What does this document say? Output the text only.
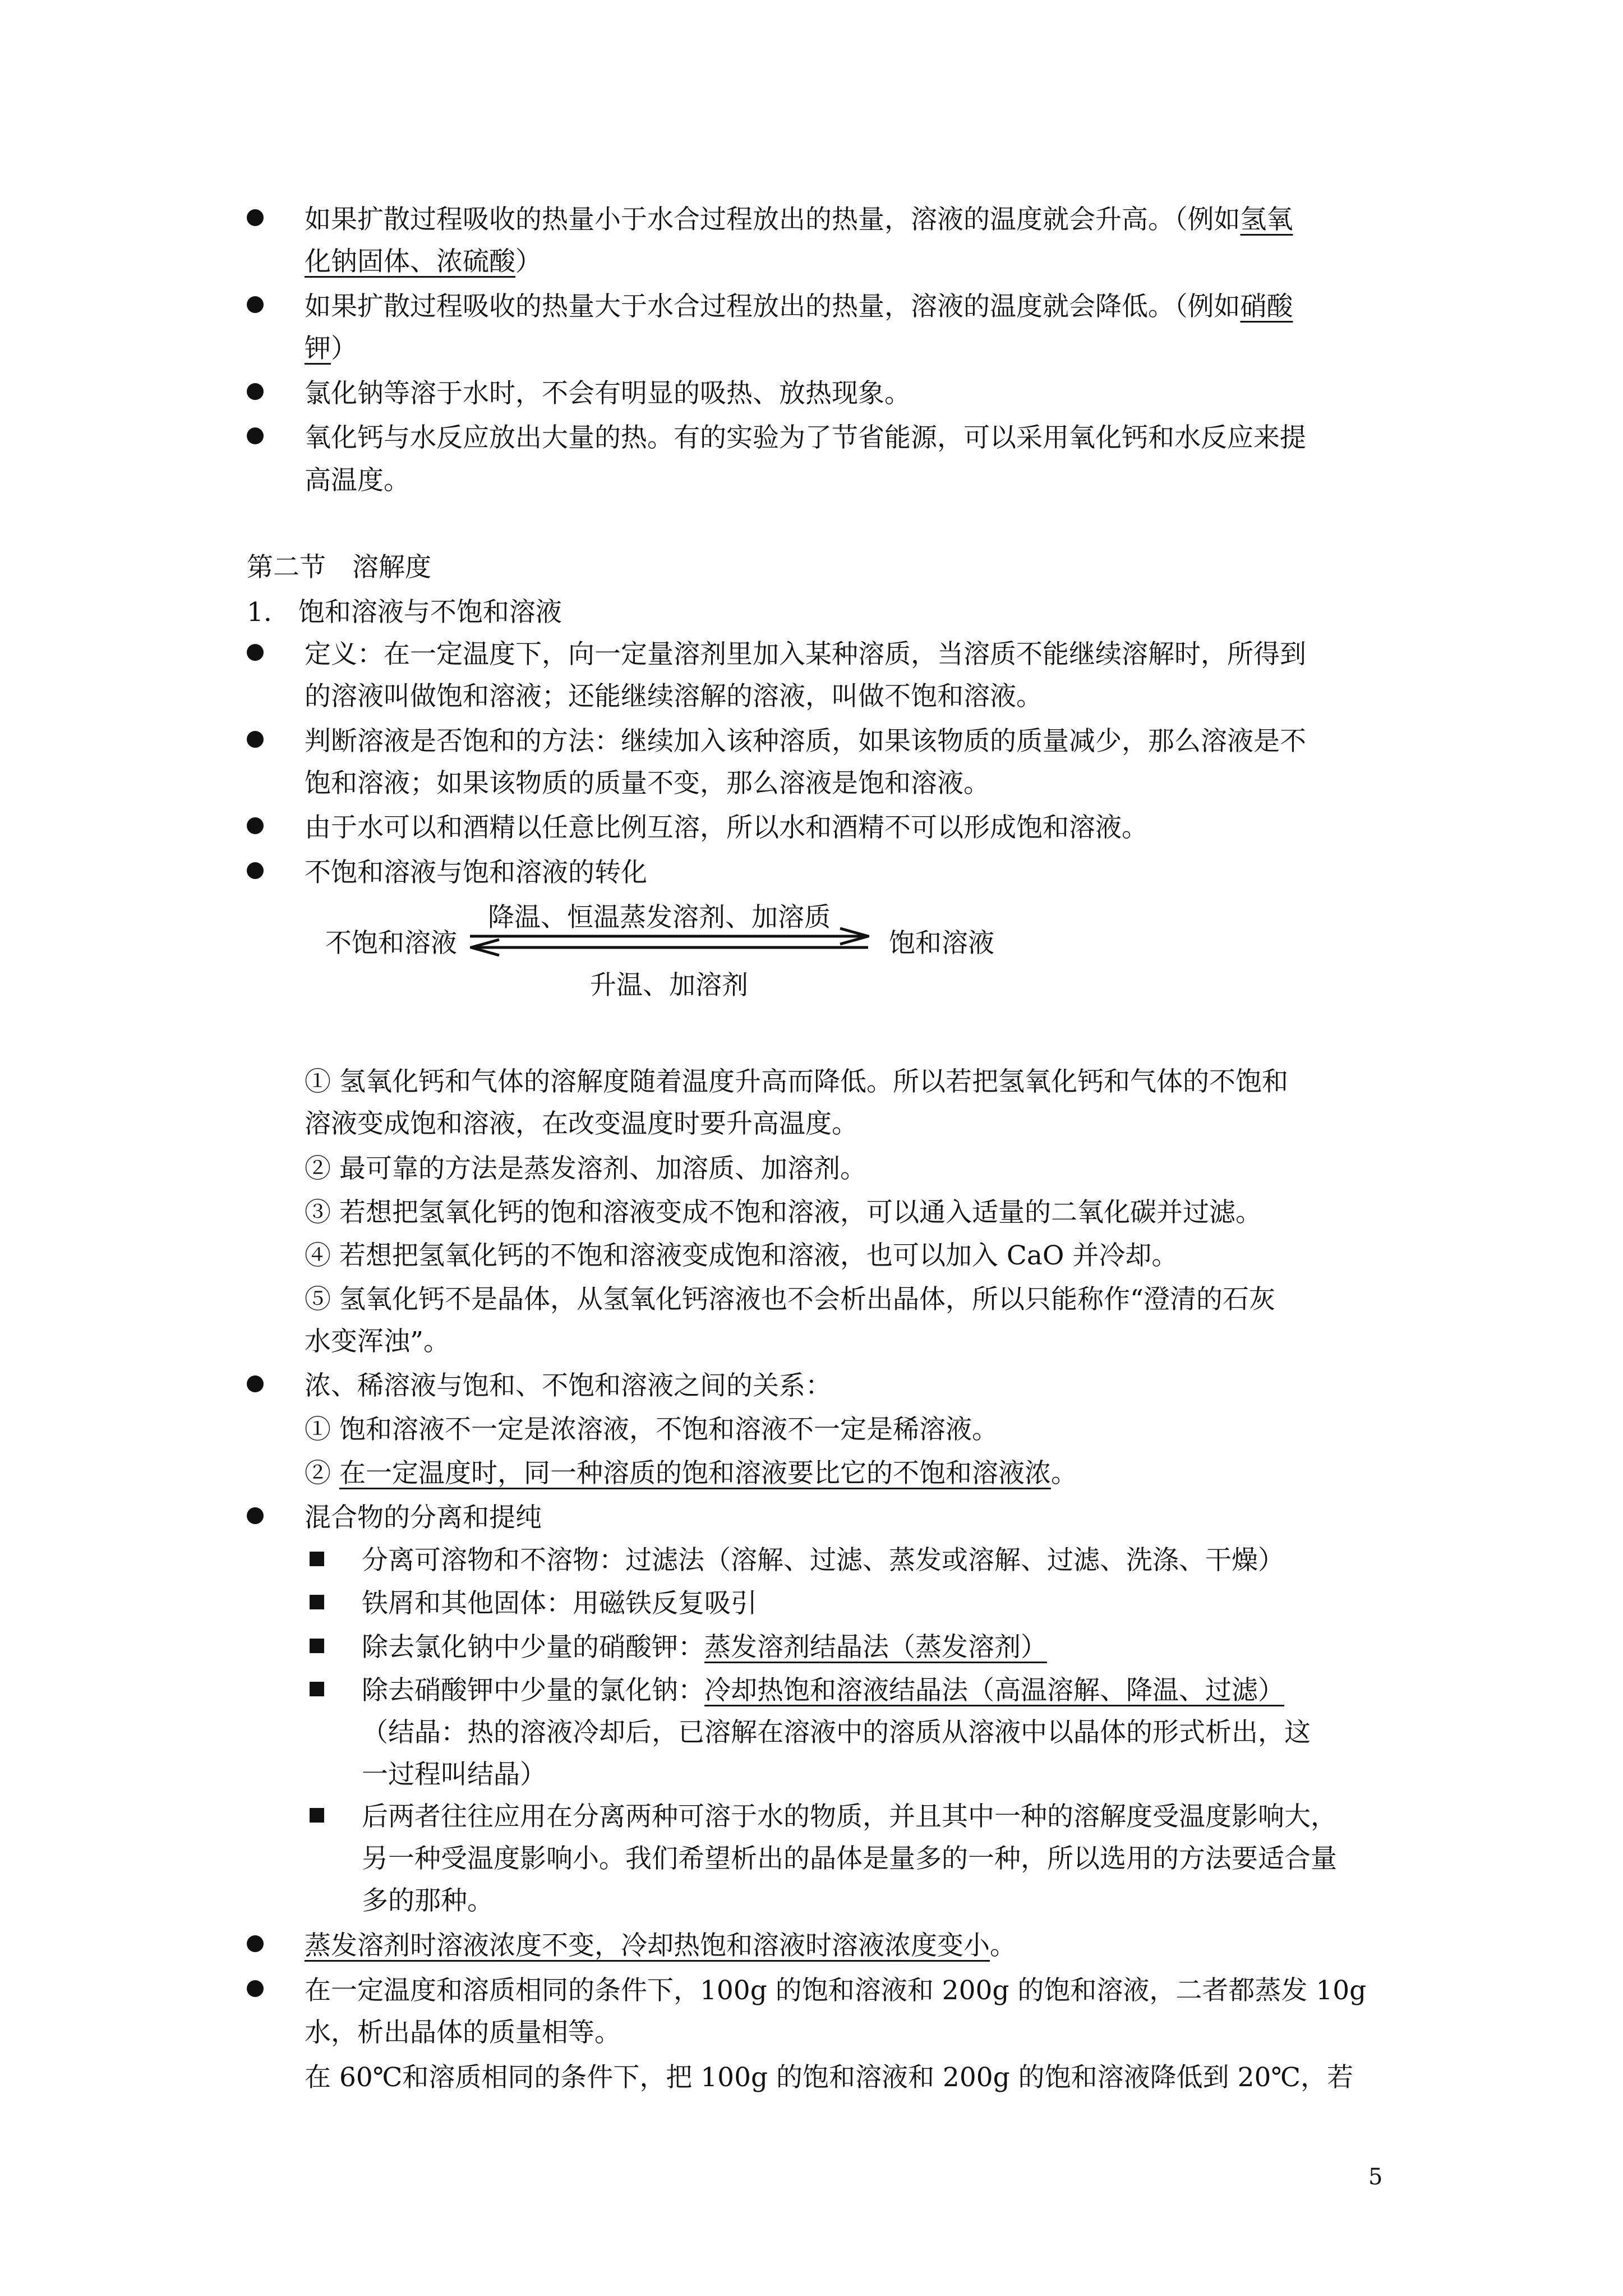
如果扩散过程吸收的热量小于水合过程放出的热量，溶液的温度就会升高。（例如氢氧
化钠固体、浓硫酸）
如果扩散过程吸收的热量大于水合过程放出的热量，溶液的温度就会降低。（例如硝酸
钾）
氯化钠等溶于水时，不会有明显的吸热、放热现象。
氧化钙与水反应放出大量的热。有的实验为了节省能源，可以采用氧化钙和水反应来提
高温度。
第二节　溶解度
1.　饱和溶液与不饱和溶液
定义：在一定温度下，向一定量溶剂里加入某种溶质，当溶质不能继续溶解时，所得到
的溶液叫做饱和溶液；还能继续溶解的溶液，叫做不饱和溶液。
判断溶液是否饱和的方法：继续加入该种溶质，如果该物质的质量减少，那么溶液是不
饱和溶液；如果该物质的质量不变，那么溶液是饱和溶液。
由于水可以和酒精以任意比例互溶，所以水和酒精不可以形成饱和溶液。
不饱和溶液与饱和溶液的转化
不饱和溶液
降温、恒温蒸发溶剂、加溶质
饱和溶液
升温、加溶剂
① 氢氧化钙和气体的溶解度随着温度升高而降低。所以若把氢氧化钙和气体的不饱和
溶液变成饱和溶液，在改变温度时要升高温度。
② 最可靠的方法是蒸发溶剂、加溶质、加溶剂。
③ 若想把氢氧化钙的饱和溶液变成不饱和溶液，可以通入适量的二氧化碳并过滤。
④ 若想把氢氧化钙的不饱和溶液变成饱和溶液，也可以加入 CaO 并冷却。
⑤ 氢氧化钙不是晶体，从氢氧化钙溶液也不会析出晶体，所以只能称作“澄清的石灰
水变浑浊”。
浓、稀溶液与饱和、不饱和溶液之间的关系：
① 饱和溶液不一定是浓溶液，不饱和溶液不一定是稀溶液。
② 在一定温度时，同一种溶质的饱和溶液要比它的不饱和溶液浓。
混合物的分离和提纯
分离可溶物和不溶物：过滤法（溶解、过滤、蒸发或溶解、过滤、洗涤、干燥）
铁屑和其他固体：用磁铁反复吸引
除去氯化钠中少量的硝酸钾：蒸发溶剂结晶法（蒸发溶剂）
除去硝酸钾中少量的氯化钠：冷却热饱和溶液结晶法（高温溶解、降温、过滤）
（结晶：热的溶液冷却后，已溶解在溶液中的溶质从溶液中以晶体的形式析出，这
一过程叫结晶）
后两者往往应用在分离两种可溶于水的物质，并且其中一种的溶解度受温度影响大，
另一种受温度影响小。我们希望析出的晶体是量多的一种，所以选用的方法要适合量
多的那种。
蒸发溶剂时溶液浓度不变，冷却热饱和溶液时溶液浓度变小。
在一定温度和溶质相同的条件下，100g 的饱和溶液和 200g 的饱和溶液，二者都蒸发 10g
水，析出晶体的质量相等。
在 60℃和溶质相同的条件下，把 100g 的饱和溶液和 200g 的饱和溶液降低到 20℃，若
5
